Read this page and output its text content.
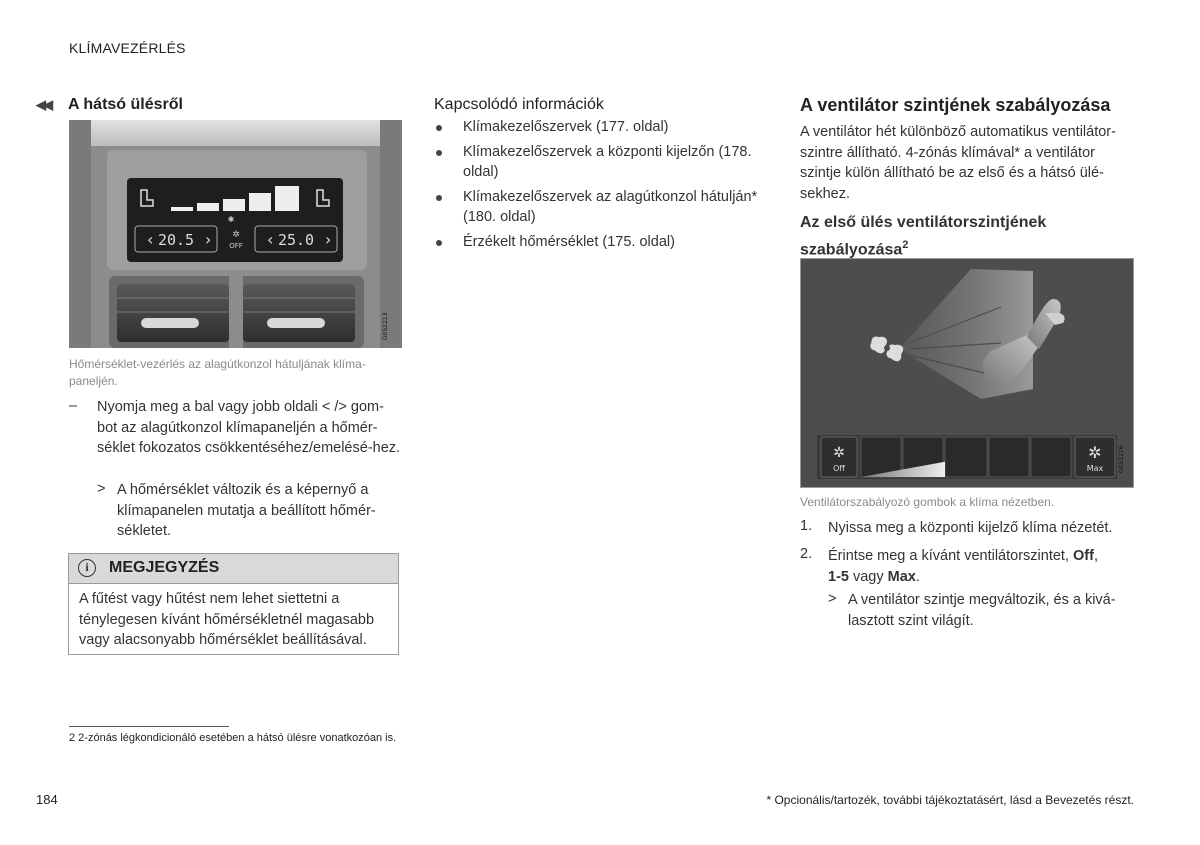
KLÍMAVEZÉRLÉS
◀◀ A hátsó ülésről
✱
‹	›	‹	›
20.5	25.0
✲
OFF
G052213
Hőmérséklet-vezérlés az alagútkonzol hátuljának klíma-paneljén.
– Nyomja meg a bal vagy jobb oldali < /> gom-bot az alagútkonzol klímapaneljén a hőmér-séklet fokozatos csökkentéséhez/emelésé-hez.
> A hőmérséklet változik és a képernyő a klímapanelen mutatja a beállított hőmér-sékletet.
i	MEGJEGYZÉS
A fűtést vagy hűtést nem lehet siettetni a ténylegesen kívánt hőmérsékletnél magasabb vagy alacsonyabb hőmérséklet beállításával.
2 2-zónás légkondicionáló esetében a hátsó ülésre vonatkozóan is.
Kapcsolódó információk
Klímakezelőszervek (177. oldal)
Klímakezelőszervek a központi kijelzőn (178. oldal)
Klímakezelőszervek az alagútkonzol hátulján* (180. oldal)
Érzékelt hőmérséklet (175. oldal)
A ventilátor szintjének szabályozása
A ventilátor hét különböző automatikus ventilátor-szintre állítható. 4-zónás klímával* a ventilátor szintje külön állítható be az első és a hátsó ülé-sekhez.
Az első ülés ventilátorszintjének szabályozása$^2$
✲
Off
✲
Max G052216
Ventilátorszabályozó gombok a klíma nézetben.
1. Nyissa meg a központi kijelző klíma nézetét.
2. Érintse meg a kívánt ventilátorszintet, Off,
1-5 vagy Max.
> A ventilátor szintje megváltozik, és a kivá-lasztott szint világít.
184	* Opcionális/tartozék, további tájékoztatásért, lásd a Bevezetés részt.
